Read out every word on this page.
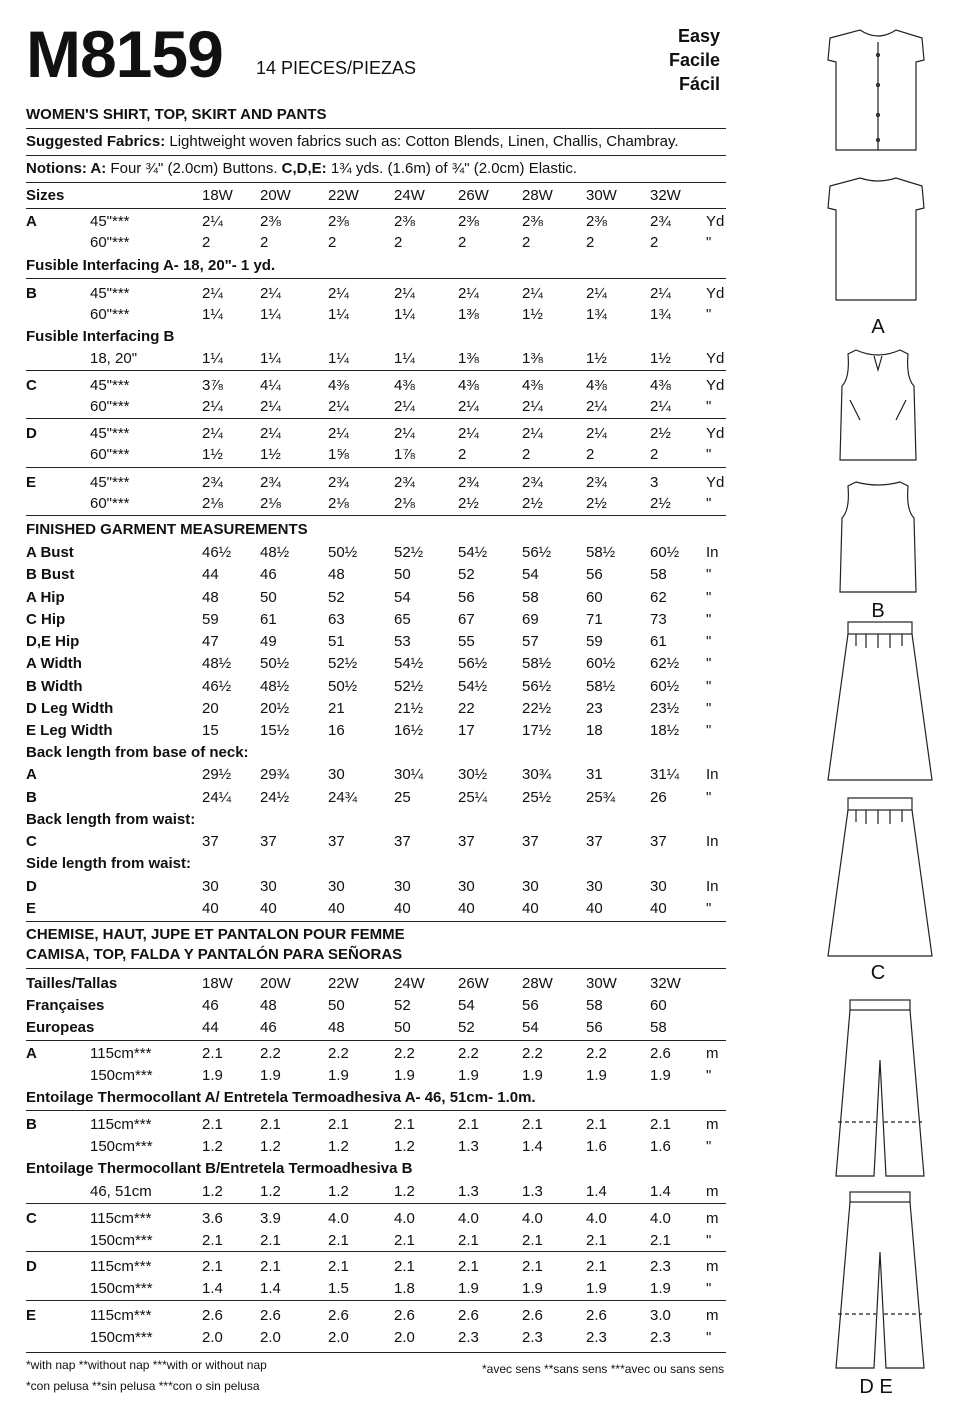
M8159 14 PIECES/PIEZAS
Easy
Facile
Fácil
WOMEN'S SHIRT, TOP, SKIRT AND PANTS
Suggested Fabrics: Lightweight woven fabrics such as: Cotton Blends, Linen, Challis, Chambray.
Notions: A: Four ¾" (2.0cm) Buttons. C,D,E: 1¾ yds. (1.6m) of ¾" (2.0cm) Elastic.
Sizes	18W 20W 22W 24W 26W 28W 30W 32W
A	45"***	2¼ 2⅜	2⅜	2⅜	2⅜	2⅜	2⅜	2¾ Yd
60"***	2	2	2	2	2	2	2	2	"
Fusible Interfacing A- 18, 20"- 1 yd.
B	45"***	2¼ 2¼	2¼	2¼	2¼	2¼	2¼	2¼ Yd
60"***	1¼ 1¼	1¼	1¼	1⅜	1½	1¾	1¾ "
Fusible Interfacing B
18, 20"	1¼ 1¼	1¼	1¼	1⅜	1⅜	1½	1½ Yd
C	45"***	3⅞ 4¼	4⅜	4⅜	4⅜	4⅜	4⅜	4⅜ Yd
60"***	2¼ 2¼	2¼	2¼	2¼	2¼	2¼	2¼ "
D	45"***	2¼ 2¼	2¼	2¼	2¼	2¼	2¼	2½ Yd
60"***	1½ 1½	1⅝	1⅞	2	2	2	2	"
E	45"***	2¾ 2¾	2¾	2¾	2¾	2¾	2¾	3	Yd
60"***	2⅛ 2⅛	2⅛	2⅛	2½	2½	2½	2½ "
FINISHED GARMENT MEASUREMENTS
A Bust	46½ 48½	50½ 52½ 54½ 56½ 58½ 60½ In
B Bust	44	46	48	50	52	54	56	58	"
A Hip	48	50	52	54	56	58	60	62	"
C Hip	59	61	63	65	67	69	71	73	"
D,E Hip	47	49	51	53	55	57	59	61	"
A Width	48½ 50½	52½ 54½ 56½ 58½ 60½ 62½ "
B Width	46½ 48½	50½ 52½ 54½ 56½ 58½ 60½ "
D Leg Width	20	20½	21	21½ 22	22½ 23	23½ "
E Leg Width	15	15½	16	16½ 17	17½ 18	18½ "
Back length from base of neck:
A	29½ 29¾	30	30¼ 30½ 30¾ 31	31¼ In
B	24¼ 24½	24¾ 25	25¼ 25½ 25¾ 26	"
Back length from waist:
C	37	37	37	37	37	37	37	37	In
Side length from waist:
D	30	30	30	30	30	30	30	30	In
E	40	40	40	40	40	40	40	40	"
CHEMISE, HAUT, JUPE ET PANTALON POUR FEMME
CAMISA, TOP, FALDA Y PANTALÓN PARA SEÑORAS
Tailles/Tallas	18W 20W 22W 24W 26W 28W 30W 32W
Françaises	46	48	50	52	54	56	58	60
Europeas	44	46	48	50	52	54	56	58
A	115cm***	2.1 2.2	2.2	2.2	2.2	2.2	2.2	2.6 m
150cm***	1.9 1.9	1.9	1.9	1.9	1.9	1.9	1.9 "
Entoilage Thermocollant A/ Entretela Termoadhesiva A- 46, 51cm- 1.0m.
B	115cm***	2.1 2.1	2.1	2.1	2.1	2.1	2.1	2.1 m
150cm***	1.2 1.2	1.2	1.2	1.3	1.4	1.6	1.6 "
Entoilage Thermocollant B/Entretela Termoadhesiva B
46, 51cm	1.2 1.2	1.2	1.2	1.3	1.3	1.4	1.4 m
C	115cm***	3.6 3.9	4.0	4.0	4.0	4.0	4.0	4.0 m
150cm***	2.1 2.1	2.1	2.1	2.1	2.1	2.1	2.1 "
D	115cm***	2.1 2.1	2.1	2.1	2.1	2.1	2.1	2.3 m
150cm***	1.4 1.4	1.5	1.8	1.9	1.9	1.9	1.9 "
E	115cm***	2.6 2.6	2.6	2.6	2.6	2.6	2.6	3.0 m
150cm***	2.0 2.0	2.0	2.0	2.3	2.3	2.3	2.3 "
*with nap **without nap ***with or without nap
*con pelusa **sin pelusa ***con o sin pelusa
*avec sens **sans sens ***avec ou sans sens
A
B
C
D E
